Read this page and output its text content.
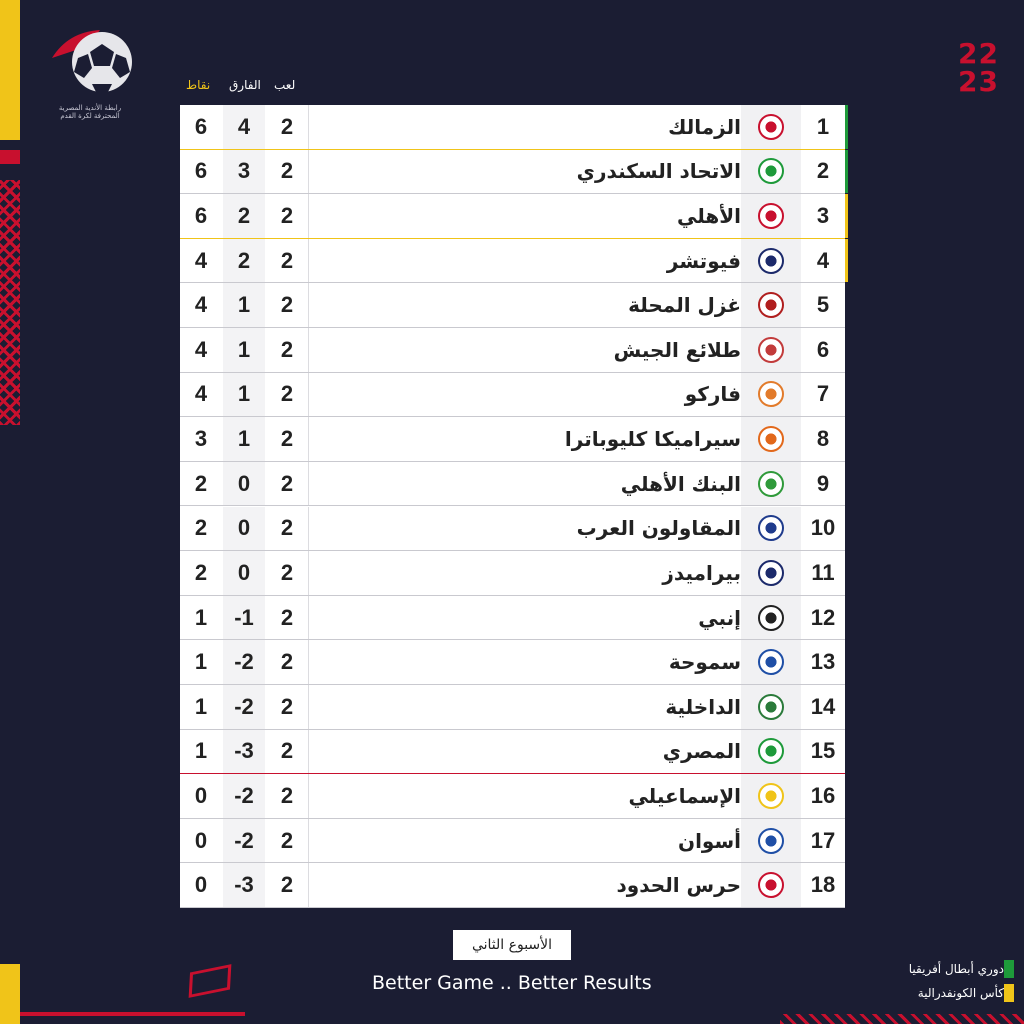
رابطة الأندية المصرية المحترفة لكرة القدم
22
23
نقاط الفارق لعب
6	4	2	الزمالك	1
6	3	2	الاتحاد السكندري	2
6	2	2	الأهلي	3
4	2	2	فيوتشر	4
4	1	2	غزل المحلة	5
4	1	2	طلائع الجيش	6
4	1	2	فاركو	7
3	1	2	سيراميكا كليوباترا	8
2	0	2	البنك الأهلي	9
2	0	2	المقاولون العرب	10
2	0	2	بيراميدز	11
1	-1	2	إنبي	12
1	-2	2	سموحة	13
1	-2	2	الداخلية	14
1	-3	2	المصري	15
0	-2	2	الإسماعيلي	16
0	-2	2	أسوان	17
0	-3	2	حرس الحدود	18
الأسبوع الثاني
Better Game .. Better Results
دوري أبطال أفريقيا
كأس الكونفدرالية
